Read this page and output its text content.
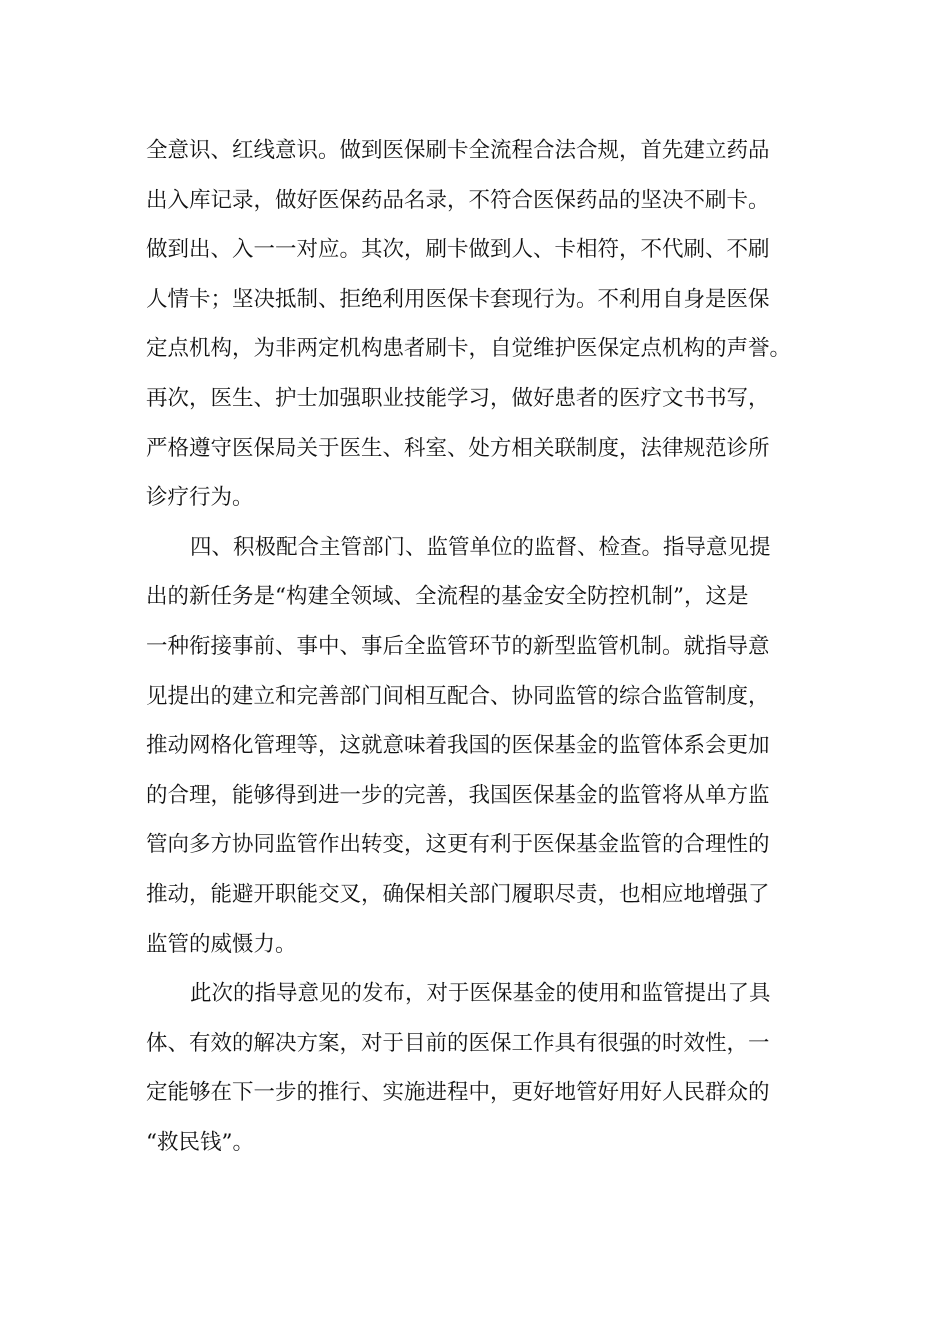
全意识、红线意识。做到医保刷卡全流程合法合规，首先建立药品
出入库记录，做好医保药品名录，不符合医保药品的坚决不刷卡。
做到出、入一一对应。其次，刷卡做到人、卡相符，不代刷、不刷
人情卡；坚决抵制、拒绝利用医保卡套现行为。不利用自身是医保
定点机构，为非两定机构患者刷卡，自觉维护医保定点机构的声誉。
再次，医生、护士加强职业技能学习，做好患者的医疗文书书写，
严格遵守医保局关于医生、科室、处方相关联制度，法律规范诊所
诊疗行为。
四、积极配合主管部门、监管单位的监督、检查。指导意见提
出的新任务是“构建全领域、全流程的基金安全防控机制”，这是
一种衔接事前、事中、事后全监管环节的新型监管机制。就指导意
见提出的建立和完善部门间相互配合、协同监管的综合监管制度，
推动网格化管理等，这就意味着我国的医保基金的监管体系会更加
的合理，能够得到进一步的完善，我国医保基金的监管将从单方监
管向多方协同监管作出转变，这更有利于医保基金监管的合理性的
推动，能避开职能交叉，确保相关部门履职尽责，也相应地增强了
监管的威慑力。
此次的指导意见的发布，对于医保基金的使用和监管提出了具
体、有效的解决方案，对于目前的医保工作具有很强的时效性，一
定能够在下一步的推行、实施进程中，更好地管好用好人民群众的
“救民钱”。
